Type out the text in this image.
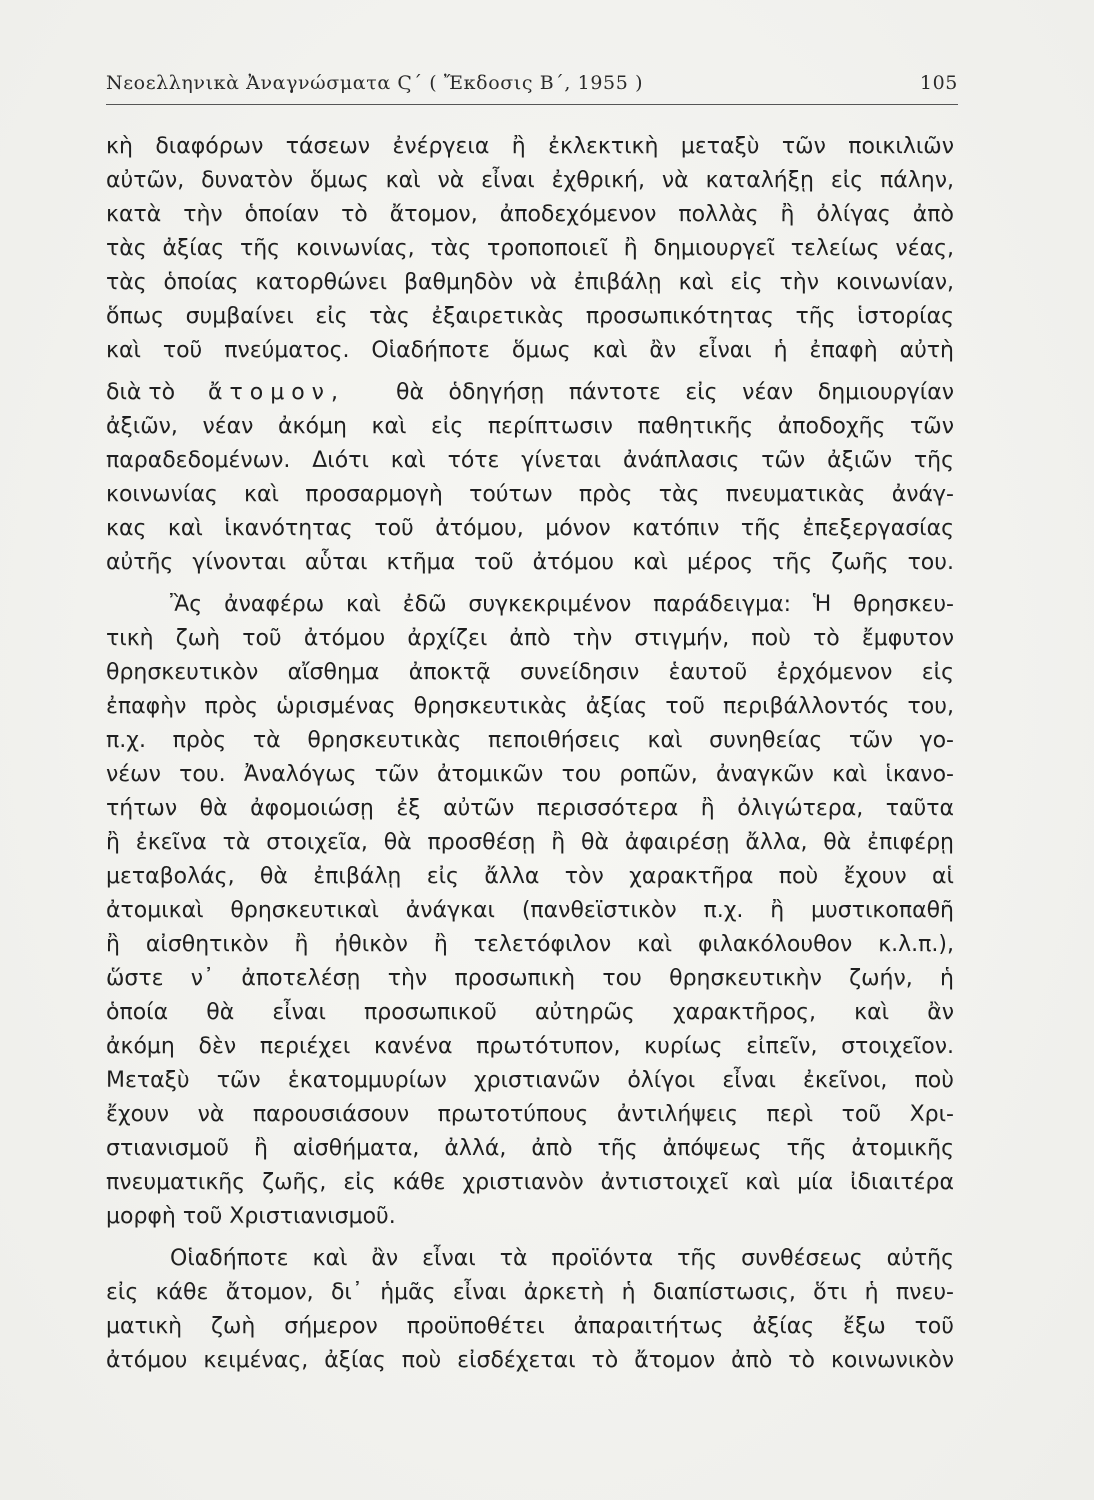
Νεοελληνικὰ Ἀναγνώσματα Ϛ΄ ( Ἔκδοσις Β΄, 1955 )	105
κὴ διαφόρων τάσεων ἐνέργεια ἢ ἐκλεκτικὴ μεταξὺ τῶν ποικιλιῶν
αὐτῶν, δυνατὸν ὅμως καὶ νὰ εἶναι ἐχθρική, νὰ καταλήξῃ εἰς πάλην,
κατὰ τὴν ὁποίαν τὸ ἄτομον, ἀποδεχόμενον πολλὰς ἢ ὀλίγας ἀπὸ
τὰς ἀξίας τῆς κοινωνίας, τὰς τροποποιεῖ ἢ δημιουργεῖ τελείως νέας,
τὰς ὁποίας κατορθώνει βαθμηδὸν νὰ ἐπιβάλῃ καὶ εἰς τὴν κοινωνίαν,
ὅπως συμβαίνει εἰς τὰς ἐξαιρετικὰς προσωπικότητας τῆς ἱστορίας
καὶ τοῦ πνεύματος. Οἱαδήποτε ὅμως καὶ ἂν εἶναι ἡ ἐπαφὴ αὐτὴ
διὰ τὸ ἄτομον, θὰ ὁδηγήσῃ πάντοτε εἰς νέαν δημιουργίαν
ἀξιῶν, νέαν ἀκόμη καὶ εἰς περίπτωσιν παθητικῆς ἀποδοχῆς τῶν
παραδεδομένων. Διότι καὶ τότε γίνεται ἀνάπλασις τῶν ἀξιῶν τῆς
κοινωνίας καὶ προσαρμογὴ τούτων πρὸς τὰς πνευματικὰς ἀνάγ-
κας καὶ ἱκανότητας τοῦ ἀτόμου, μόνον κατόπιν τῆς ἐπεξεργασίας
αὐτῆς γίνονται αὗται κτῆμα τοῦ ἀτόμου καὶ μέρος τῆς ζωῆς του.
Ἂς ἀναφέρω καὶ ἐδῶ συγκεκριμένον παράδειγμα: Ἡ θρησκευ-
τικὴ ζωὴ τοῦ ἀτόμου ἀρχίζει ἀπὸ τὴν στιγμήν, ποὺ τὸ ἔμφυτον
θρησκευτικὸν αἴσθημα ἀποκτᾷ συνείδησιν ἑαυτοῦ ἐρχόμενον εἰς
ἐπαφὴν πρὸς ὡρισμένας θρησκευτικὰς ἀξίας τοῦ περιβάλλοντός του,
π.χ. πρὸς τὰ θρησκευτικὰς πεποιθήσεις καὶ συνηθείας τῶν γο-
νέων του. Ἀναλόγως τῶν ἀτομικῶν του ροπῶν, ἀναγκῶν καὶ ἱκανο-
τήτων θὰ ἀφομοιώσῃ ἐξ αὐτῶν περισσότερα ἢ ὀλιγώτερα, ταῦτα
ἢ ἐκεῖνα τὰ στοιχεῖα, θὰ προσθέσῃ ἢ θὰ ἀφαιρέσῃ ἄλλα, θὰ ἐπιφέρῃ
μεταβολάς, θὰ ἐπιβάλῃ εἰς ἄλλα τὸν χαρακτῆρα ποὺ ἔχουν αἱ
ἀτομικαὶ θρησκευτικαὶ ἀνάγκαι (πανθεϊστικὸν π.χ. ἢ μυστικοπαθῆ
ἢ αἰσθητικὸν ἢ ἠθικὸν ἢ τελετόφιλον καὶ φιλακόλουθον κ.λ.π.),
ὥστε ν᾽ ἀποτελέσῃ τὴν προσωπικὴ του θρησκευτικὴν ζωήν, ἡ
ὁποία θὰ εἶναι προσωπικοῦ αὐτηρῶς χαρακτῆρος, καὶ ἂν
ἀκόμη δὲν περιέχει κανένα πρωτότυπον, κυρίως εἰπεῖν, στοιχεῖον.
Μεταξὺ τῶν ἑκατομμυρίων χριστιανῶν ὀλίγοι εἶναι ἐκεῖνοι, ποὺ
ἔχουν νὰ παρουσιάσουν πρωτοτύπους ἀντιλήψεις περὶ τοῦ Χρι-
στιανισμοῦ ἢ αἰσθήματα, ἀλλά, ἀπὸ τῆς ἀπόψεως τῆς ἀτομικῆς
πνευματικῆς ζωῆς, εἰς κάθε χριστιανὸν ἀντιστοιχεῖ καὶ μία ἰδιαιτέρα
μορφὴ τοῦ Χριστιανισμοῦ.
Οἱαδήποτε καὶ ἂν εἶναι τὰ προϊόντα τῆς συνθέσεως αὐτῆς
εἰς κάθε ἄτομον, δι᾽ ἡμᾶς εἶναι ἀρκετὴ ἡ διαπίστωσις, ὅτι ἡ πνευ-
ματικὴ ζωὴ σήμερον προϋποθέτει ἀπαραιτήτως ἀξίας ἔξω τοῦ
ἀτόμου κειμένας, ἀξίας ποὺ εἰσδέχεται τὸ ἄτομον ἀπὸ τὸ κοινωνικὸν
